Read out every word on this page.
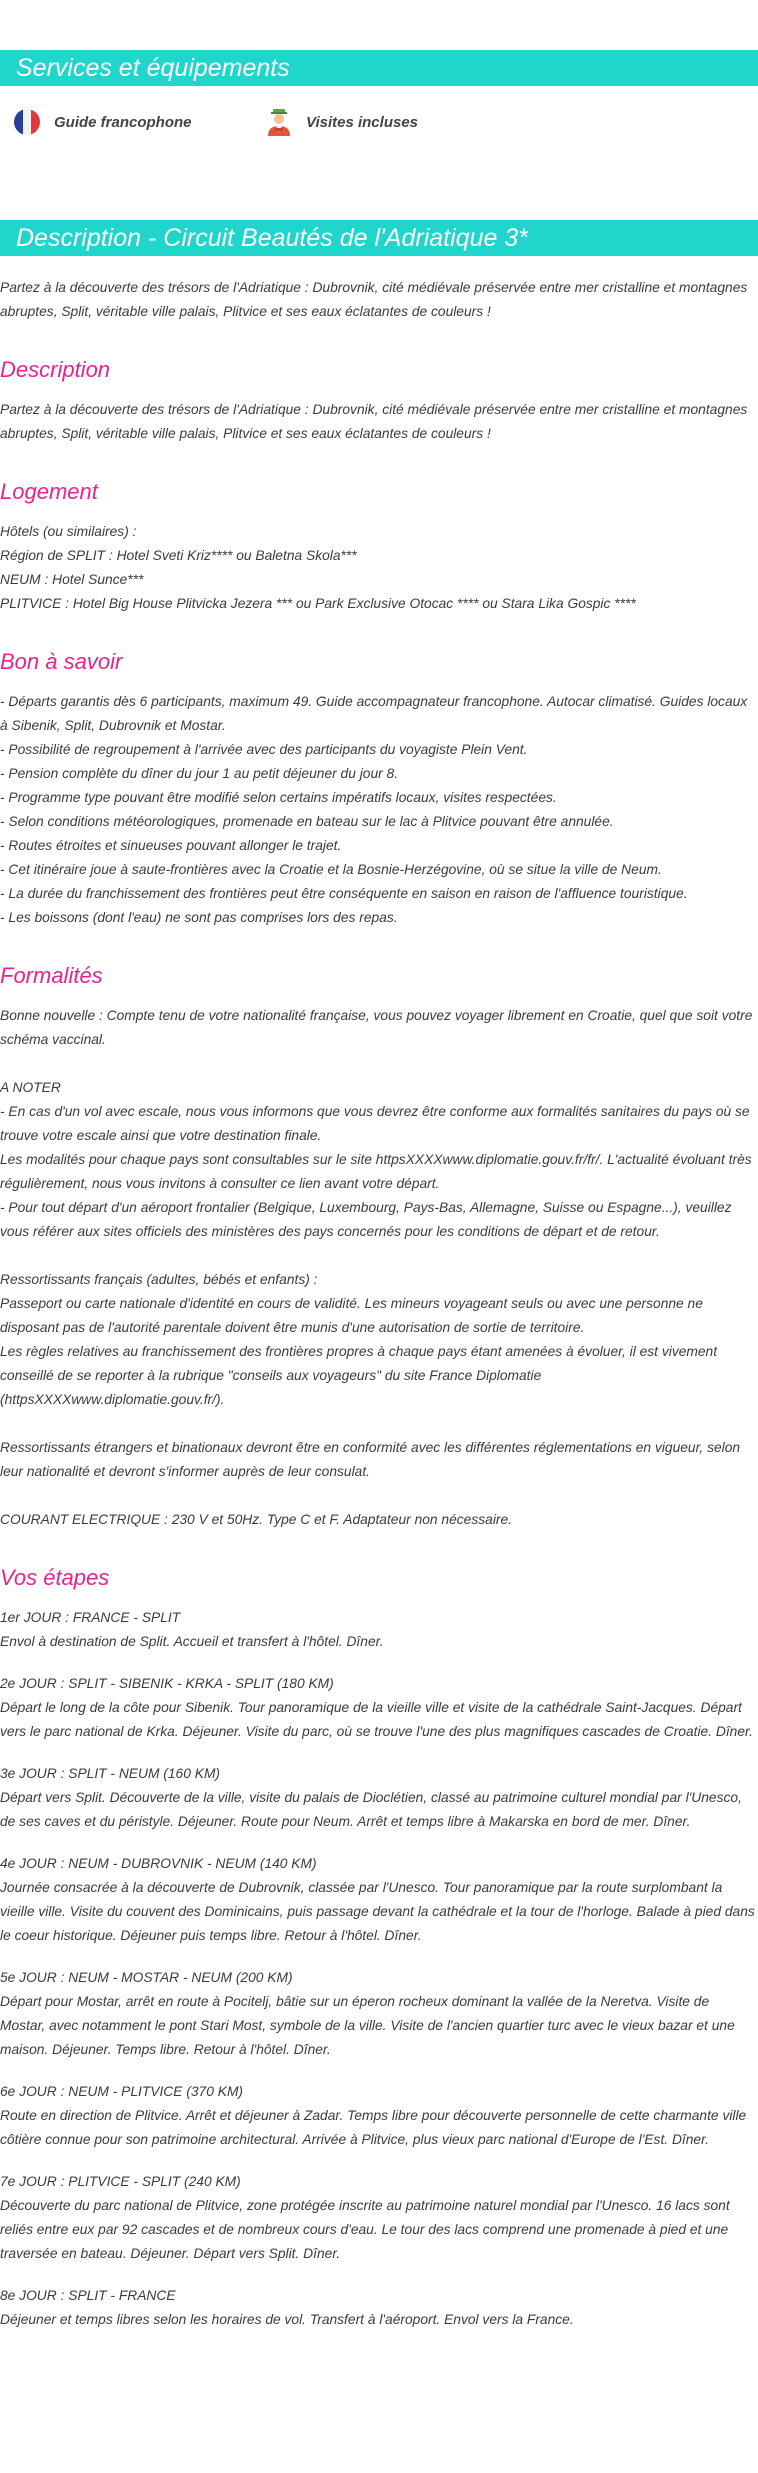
Services et équipements
Guide francophone	Visites incluses
Description - Circuit Beautés de l'Adriatique 3*

Partez à la découverte des trésors de l'Adriatique : Dubrovnik, cité médiévale préservée entre mer cristalline et montagnes abruptes, Split, véritable ville palais, Plitvice et ses eaux éclatantes de couleurs !

Description

Partez à la découverte des trésors de l'Adriatique : Dubrovnik, cité médiévale préservée entre mer cristalline et montagnes abruptes, Split, véritable ville palais, Plitvice et ses eaux éclatantes de couleurs !

Logement

Hôtels (ou similaires) :
Région de SPLIT : Hotel Sveti Kriz**** ou Baletna Skola***
NEUM : Hotel Sunce***
PLITVICE : Hotel Big House Plitvicka Jezera *** ou Park Exclusive Otocac **** ou Stara Lika Gospic ****

Bon à savoir

- Départs garantis dès 6 participants, maximum 49. Guide accompagnateur francophone. Autocar climatisé. Guides locaux à Sibenik, Split, Dubrovnik et Mostar.
- Possibilité de regroupement à l'arrivée avec des participants du voyagiste Plein Vent.
- Pension complète du dîner du jour 1 au petit déjeuner du jour 8.
- Programme type pouvant être modifié selon certains impératifs locaux, visites respectées.
- Selon conditions météorologiques, promenade en bateau sur le lac à Plitvice pouvant être annulée.
- Routes étroites et sinueuses pouvant allonger le trajet.
- Cet itinéraire joue à saute-frontières avec la Croatie et la Bosnie-Herzégovine, où se situe la ville de Neum.
- La durée du franchissement des frontières peut être conséquente en saison en raison de l'affluence touristique.
- Les boissons (dont l'eau) ne sont pas comprises lors des repas.

Formalités

Bonne nouvelle : Compte tenu de votre nationalité française, vous pouvez voyager librement en Croatie, quel que soit votre schéma vaccinal.

A NOTER
- En cas d'un vol avec escale, nous vous informons que vous devrez être conforme aux formalités sanitaires du pays où se trouve votre escale ainsi que votre destination finale.
Les modalités pour chaque pays sont consultables sur le site httpsXXXXwww.diplomatie.gouv.fr/fr/. L'actualité évoluant très régulièrement, nous vous invitons à consulter ce lien avant votre départ.
- Pour tout départ d'un aéroport frontalier (Belgique, Luxembourg, Pays-Bas, Allemagne, Suisse ou Espagne...), veuillez vous référer aux sites officiels des ministères des pays concernés pour les conditions de départ et de retour.

Ressortissants français (adultes, bébés et enfants) :
Passeport ou carte nationale d'identité en cours de validité. Les mineurs voyageant seuls ou avec une personne ne disposant pas de l'autorité parentale doivent être munis d'une autorisation de sortie de territoire.
Les règles relatives au franchissement des frontières propres à chaque pays étant amenées à évoluer, il est vivement conseillé de se reporter à la rubrique "conseils aux voyageurs" du site France Diplomatie (httpsXXXXwww.diplomatie.gouv.fr/).

Ressortissants étrangers et binationaux devront être en conformité avec les différentes réglementations en vigueur, selon leur nationalité et devront s'informer auprès de leur consulat.

COURANT ELECTRIQUE : 230 V et 50Hz. Type C et F. Adaptateur non nécessaire.

Vos étapes

1er JOUR : FRANCE - SPLIT

Envol à destination de Split. Accueil et transfert à l'hôtel. Dîner.

2e JOUR : SPLIT - SIBENIK - KRKA - SPLIT (180 KM)

Départ le long de la côte pour Sibenik. Tour panoramique de la vieille ville et visite de la cathédrale Saint-Jacques. Départ vers le parc national de Krka. Déjeuner. Visite du parc, où se trouve l'une des plus magnifiques cascades de Croatie. Dîner.

3e JOUR : SPLIT - NEUM (160 KM)

Départ vers Split. Découverte de la ville, visite du palais de Dioclétien, classé au patrimoine culturel mondial par l'Unesco, de ses caves et du péristyle. Déjeuner. Route pour Neum. Arrêt et temps libre à Makarska en bord de mer. Dîner.

4e JOUR : NEUM - DUBROVNIK - NEUM (140 KM)

Journée consacrée à la découverte de Dubrovnik, classée par l'Unesco. Tour panoramique par la route surplombant la vieille ville. Visite du couvent des Dominicains, puis passage devant la cathédrale et la tour de l'horloge. Balade à pied dans le coeur historique. Déjeuner puis temps libre. Retour à l'hôtel. Dîner.

5e JOUR : NEUM - MOSTAR - NEUM (200 KM)

Départ pour Mostar, arrêt en route à Pocitelj, bâtie sur un éperon rocheux dominant la vallée de la Neretva. Visite de Mostar, avec notamment le pont Stari Most, symbole de la ville. Visite de l'ancien quartier turc avec le vieux bazar et une maison. Déjeuner. Temps libre. Retour à l'hôtel. Dîner.

6e JOUR : NEUM - PLITVICE (370 KM)

Route en direction de Plitvice. Arrêt et déjeuner à Zadar. Temps libre pour découverte personnelle de cette charmante ville côtière connue pour son patrimoine architectural. Arrivée à Plitvice, plus vieux parc national d'Europe de l'Est. Dîner.

7e JOUR : PLITVICE - SPLIT (240 KM)

Découverte du parc national de Plitvice, zone protégée inscrite au patrimoine naturel mondial par l'Unesco. 16 lacs sont reliés entre eux par 92 cascades et de nombreux cours d'eau. Le tour des lacs comprend une promenade à pied et une traversée en bateau. Déjeuner. Départ vers Split. Dîner.

8e JOUR : SPLIT - FRANCE

Déjeuner et temps libres selon les horaires de vol. Transfert à l'aéroport. Envol vers la France.
